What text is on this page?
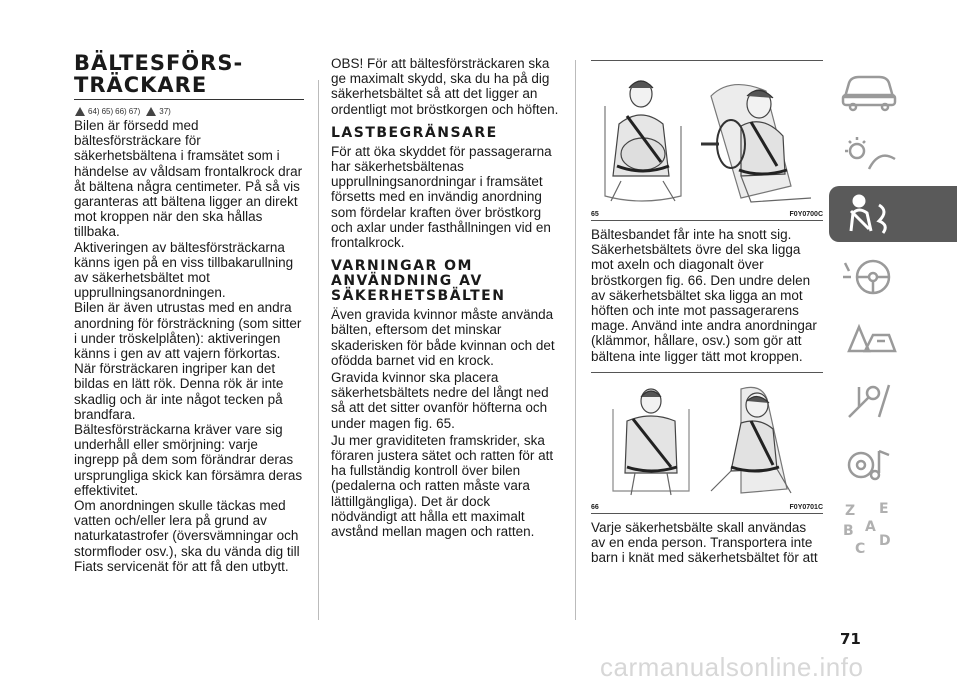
BÄLTESFÖRS-TRÄCKARE
64) 65) 66) 67) 37)

Bilen är försedd med bältesförsträckare för säkerhetsbältena i framsätet som i händelse av våldsam frontalkrock drar åt bältena några centimeter. På så vis garanteras att bältena ligger an direkt mot kroppen när den ska hållas tillbaka.

Aktiveringen av bältesförsträckarna känns igen på en viss tillbakarullning av säkerhetsbältet mot upprullningsanordningen.

Bilen är även utrustas med en andra anordning för försträckning (som sitter i under tröskelplåten): aktiveringen känns i gen av att vajern förkortas.

När försträckaren ingriper kan det bildas en lätt rök. Denna rök är inte skadlig och är inte något tecken på brandfara.

Bältesförsträckarna kräver vare sig underhåll eller smörjning: varje ingrepp på dem som förändrar deras ursprungliga skick kan försämra deras effektivitet.

Om anordningen skulle täckas med vatten och/eller lera på grund av naturkatastrofer (översvämningar och stormfloder osv.), ska du vända dig till Fiats servicenät för att få den utbytt.

OBS! För att bältesförsträckaren ska ge maximalt skydd, ska du ha på dig säkerhetsbältet så att det ligger an ordentligt mot bröstkorgen och höften.

LASTBEGRÄNSARE

För att öka skyddet för passagerarna har säkerhetsbältenas upprullningsanordningar i framsätet försetts med en invändig anordning som fördelar kraften över bröstkorg och axlar under fasthållningen vid en frontalkrock.

VARNINGAR OM ANVÄNDNING AV SÄKERHETSBÄLTEN

Även gravida kvinnor måste använda bälten, eftersom det minskar skaderisken för både kvinnan och det ofödda barnet vid en krock.

Gravida kvinnor ska placera säkerhetsbältets nedre del långt ned så att det sitter ovanför höfterna och under magen fig. 65.

Ju mer graviditeten framskrider, ska föraren justera sätet och ratten för att ha fullständig kontroll över bilen (pedalerna och ratten måste vara lättillgängliga). Det är dock nödvändigt att hålla ett maximalt avstånd mellan magen och ratten.

65	F0Y0700C

Bältesbandet får inte ha snott sig. Säkerhetsbältets övre del ska ligga mot axeln och diagonalt över bröstkorgen fig. 66. Den undre delen av säkerhetsbältet ska ligga an mot höften och inte mot passagerarens mage. Använd inte andra anordningar (klämmor, hållare, osv.) som gör att bältena inte ligger tätt mot kroppen.

66	F0Y0701C

Varje säkerhetsbälte skall användas av en enda person. Transportera inte barn i knät med säkerhetsbältet för att

Z E
B A
C D
71
carmanualsonline.info
